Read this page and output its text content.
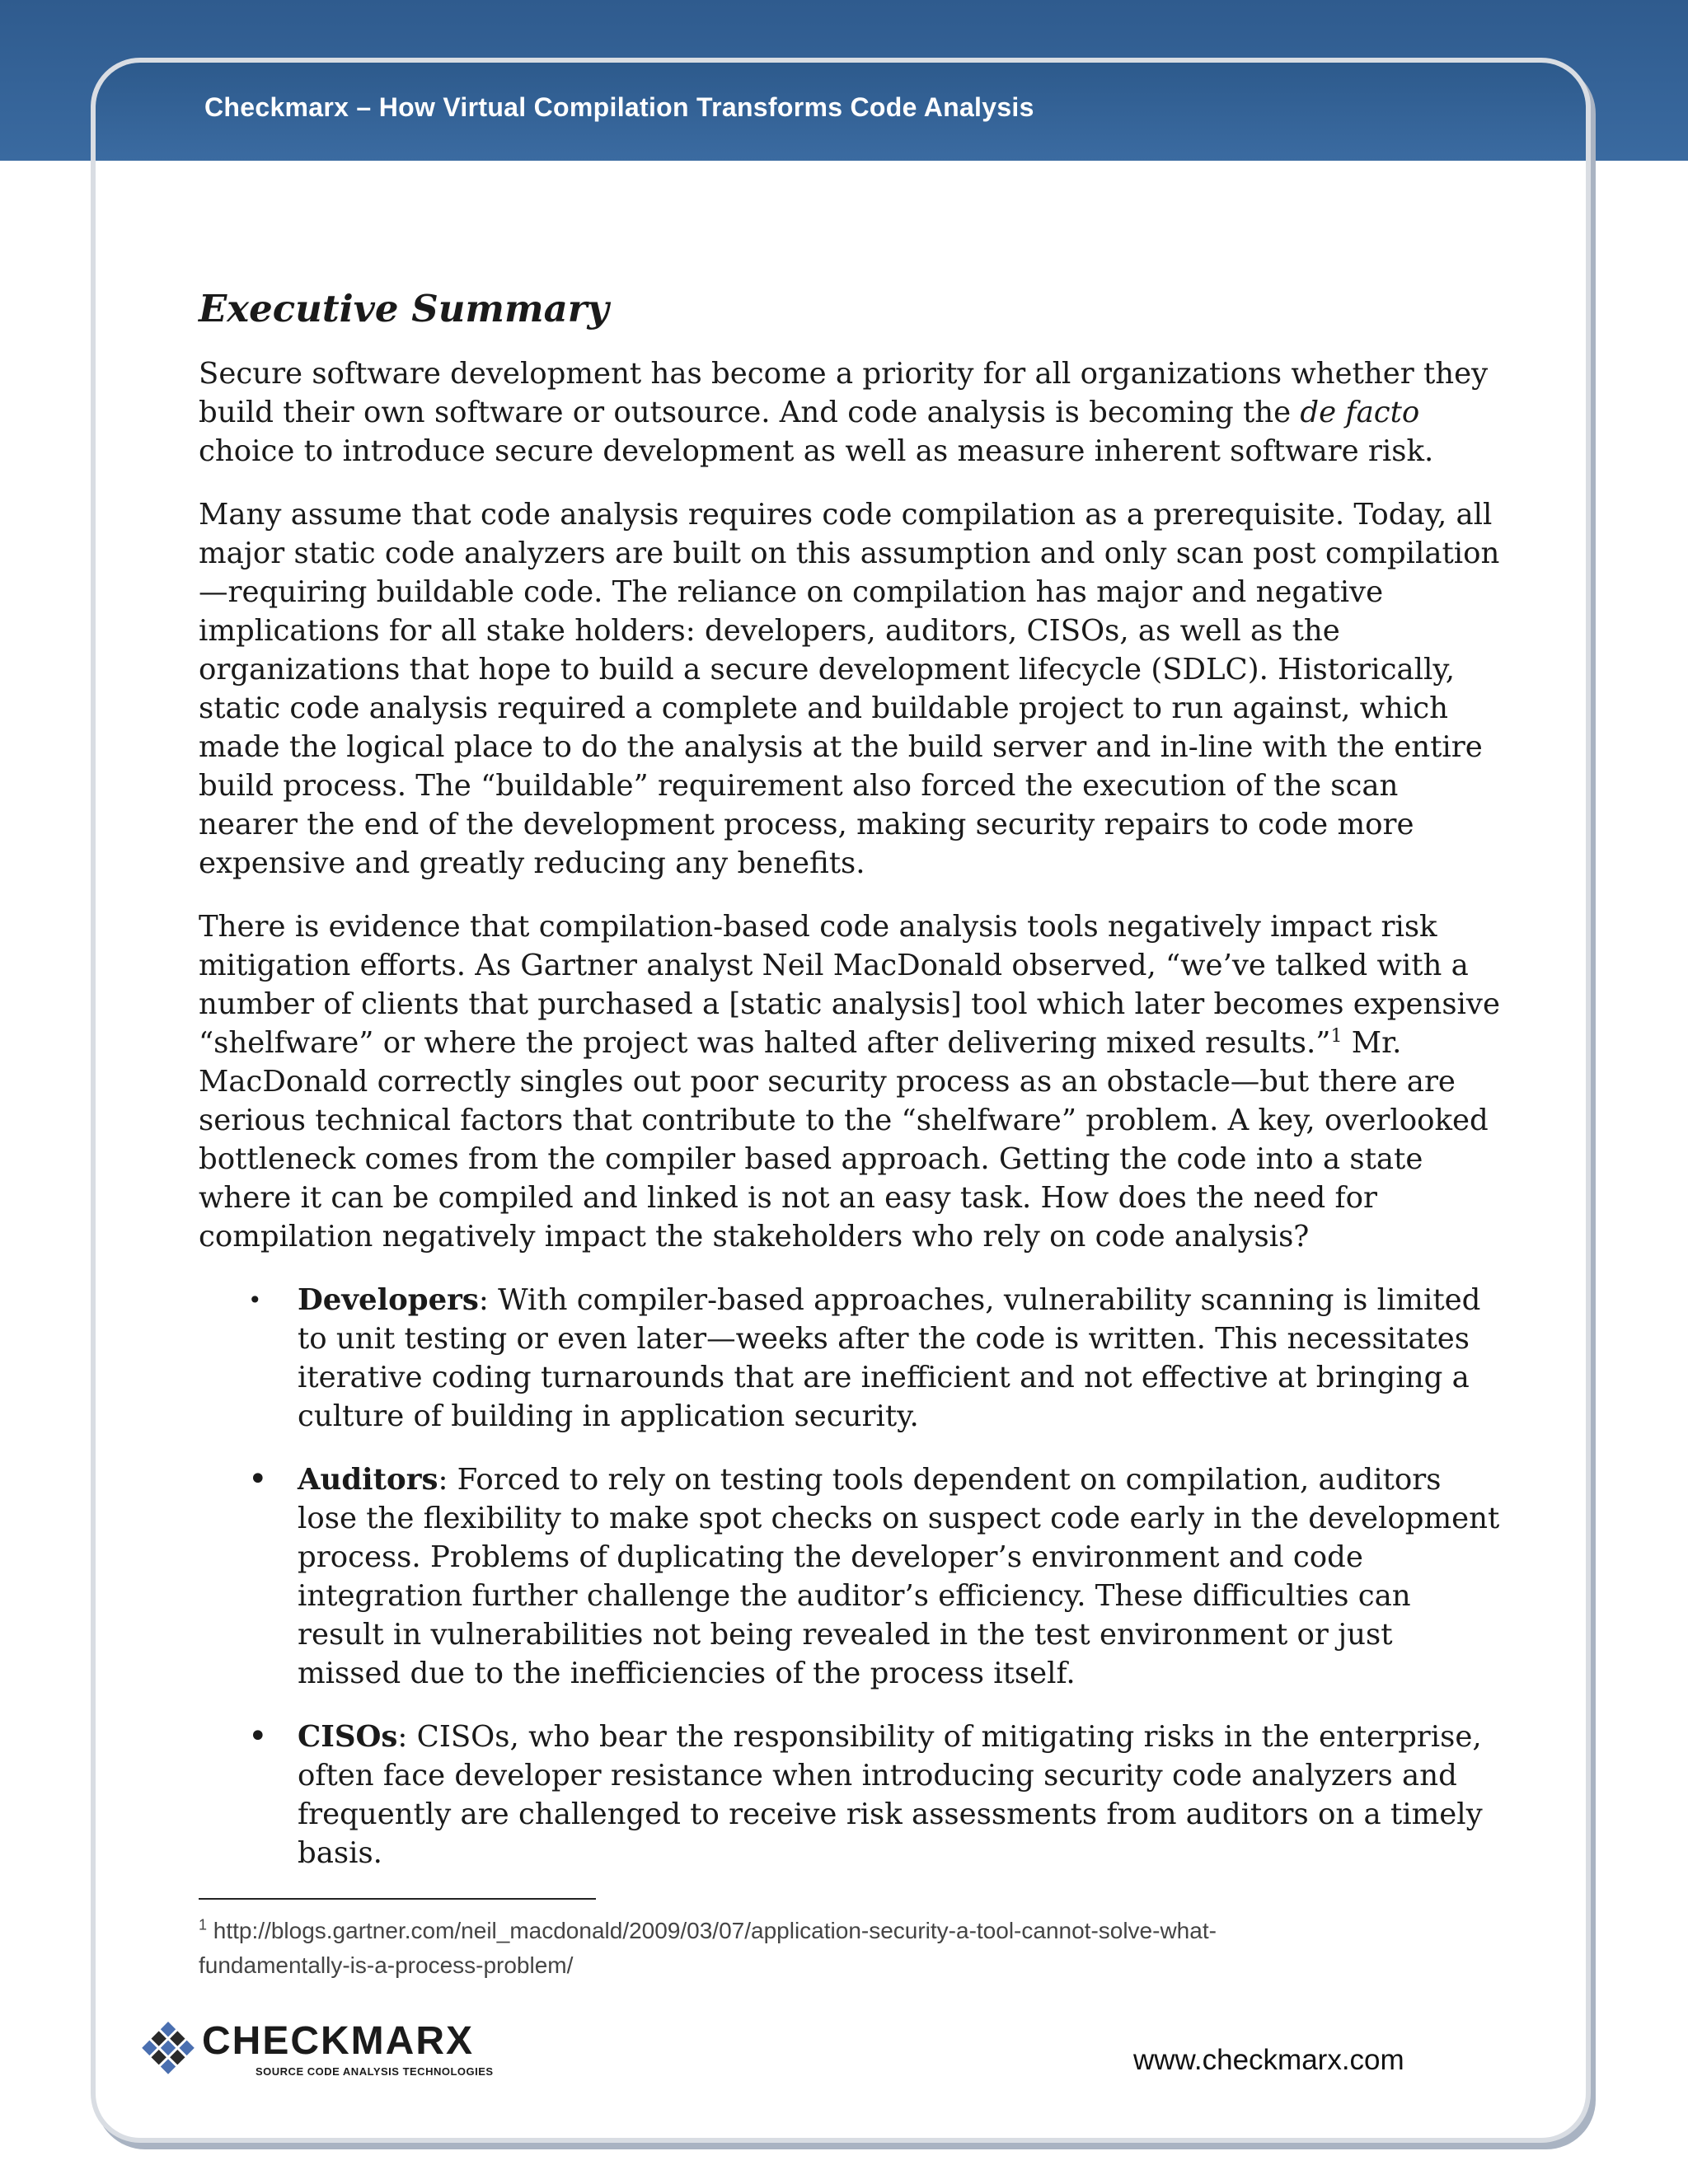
Checkmarx – How Virtual Compilation Transforms Code Analysis
Executive Summary

Secure software development has become a priority for all organizations whether they build their own software or outsource. And code analysis is becoming the de facto choice to introduce secure development as well as measure inherent software risk.

Many assume that code analysis requires code compilation as a prerequisite. Today, all major static code analyzers are built on this assumption and only scan post compilation—requiring buildable code. The reliance on compilation has major and negative implications for all stake holders: developers, auditors, CISOs, as well as the organizations that hope to build a secure development lifecycle (SDLC). Historically, static code analysis required a complete and buildable project to run against, which made the logical place to do the analysis at the build server and in-line with the entire build process. The “buildable” requirement also forced the execution of the scan nearer the end of the development process, making security repairs to code more expensive and greatly reducing any benefits.

There is evidence that compilation-based code analysis tools negatively impact risk mitigation efforts. As Gartner analyst Neil MacDonald observed, “we’ve talked with a number of clients that purchased a [static analysis] tool which later becomes expensive “shelfware” or where the project was halted after delivering mixed results.”$^1$ Mr. MacDonald correctly singles out poor security process as an obstacle—but there are serious technical factors that contribute to the “shelfware” problem. A key, overlooked bottleneck comes from the compiler based approach. Getting the code into a state where it can be compiled and linked is not an easy task. How does the need for compilation negatively impact the stakeholders who rely on code analysis?

• Developers: With compiler-based approaches, vulnerability scanning is limited to unit testing or even later—weeks after the code is written. This necessitates iterative coding turnarounds that are inefficient and not effective at bringing a culture of building in application security.
• Auditors: Forced to rely on testing tools dependent on compilation, auditors lose the flexibility to make spot checks on suspect code early in the development process. Problems of duplicating the developer’s environment and code integration further challenge the auditor’s efficiency. These difficulties can result in vulnerabilities not being revealed in the test environment or just missed due to the inefficiencies of the process itself.
• CISOs: CISOs, who bear the responsibility of mitigating risks in the enterprise, often face developer resistance when introducing security code analyzers and frequently are challenged to receive risk assessments from auditors on a timely basis.
$^1$ http://blogs.gartner.com/neil_macdonald/2009/03/07/application-security-a-tool-cannot-solve-what-
fundamentally-is-a-process-problem/
CHECKMARX
SOURCE CODE ANALYSIS TECHNOLOGIES	www.checkmarx.com
